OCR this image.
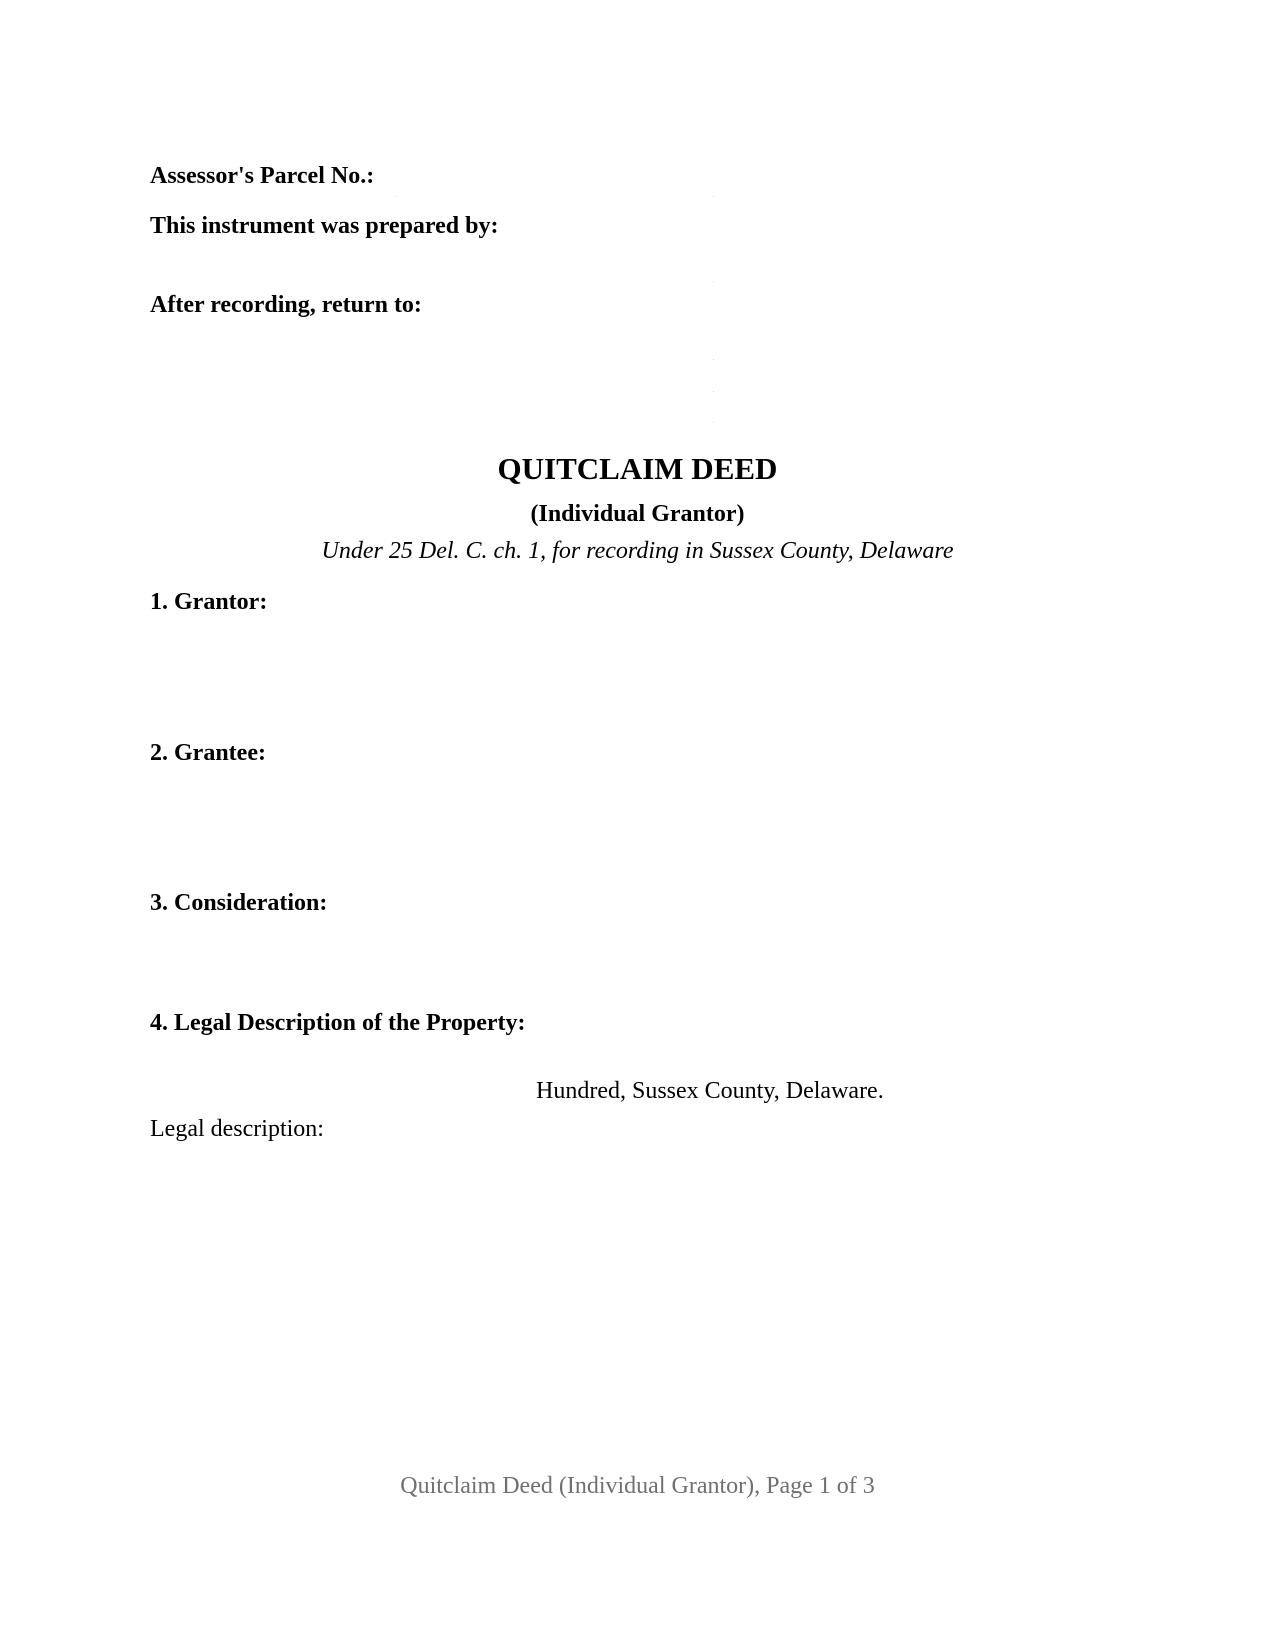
Assessor's Parcel No.:
This instrument was prepared by:
After recording, return to:
QUITCLAIM DEED
(Individual Grantor)
Under 25 Del. C. ch. 1, for recording in Sussex County, Delaware
1. Grantor:
2. Grantee:
3. Consideration:
4. Legal Description of the Property:
Hundred, Sussex County, Delaware.
Legal description:
Quitclaim Deed (Individual Grantor), Page 1 of 3
